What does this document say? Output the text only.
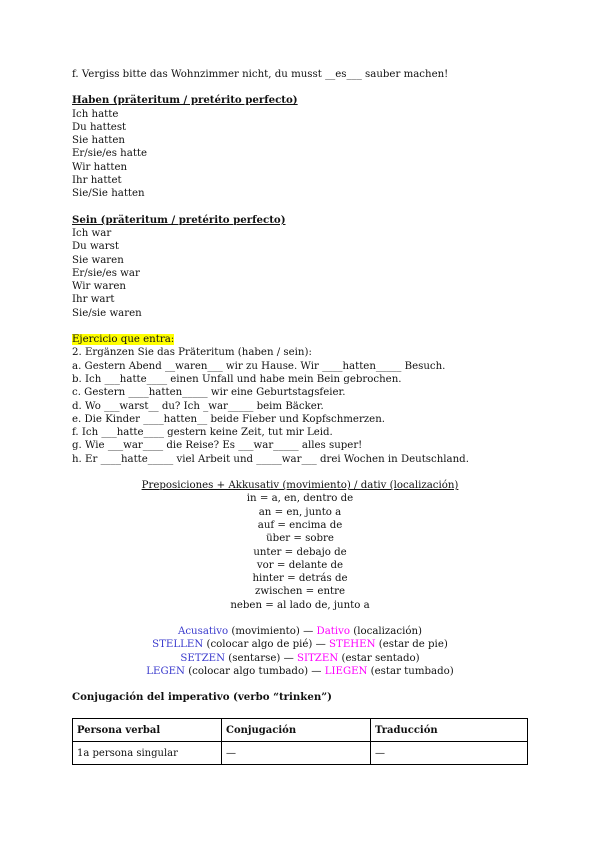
f. Vergiss bitte das Wohnzimmer nicht, du musst __es___ sauber machen!
Haben (präteritum / pretérito perfecto)
Ich hatte
Du hattest
Sie hatten
Er/sie/es hatte
Wir hatten
Ihr hattet
Sie/Sie hatten
Sein (präteritum / pretérito perfecto)
Ich war
Du warst
Sie waren
Er/sie/es war
Wir waren
Ihr wart
Sie/sie waren
Ejercicio que entra:
2. Ergänzen Sie das Präteritum (haben / sein):
a. Gestern Abend __waren___ wir zu Hause. Wir ____hatten_____ Besuch.
b. Ich ___hatte____ einen Unfall und habe mein Bein gebrochen.
c. Gestern ____hatten_____ wir eine Geburtstagsfeier.
d. Wo ___warst__ du? Ich _war_____ beim Bäcker.
e. Die Kinder ____hatten__ beide Fieber und Kopfschmerzen.
f. Ich ___hatte____ gestern keine Zeit, tut mir Leid.
g. Wie ___war____ die Reise? Es ___war_____ alles super!
h. Er ____hatte_____ viel Arbeit und _____war___ drei Wochen in Deutschland.
Preposiciones + Akkusativ (movimiento) / dativ (localización)
in = a, en, dentro de
an = en, junto a
auf = encima de
über = sobre
unter = debajo de
vor = delante de
hinter = detrás de
zwischen = entre
neben = al lado de, junto a
Acusativo (movimiento) — Dativo (localización)
STELLEN (colocar algo de pié) — STEHEN (estar de pie)
SETZEN (sentarse) — SITZEN (estar sentado)
LEGEN (colocar algo tumbado) — LIEGEN (estar tumbado)
Conjugación del imperativo (verbo “trinken”)
Persona verbal	Conjugación	Traducción
1a persona singular	—	—
